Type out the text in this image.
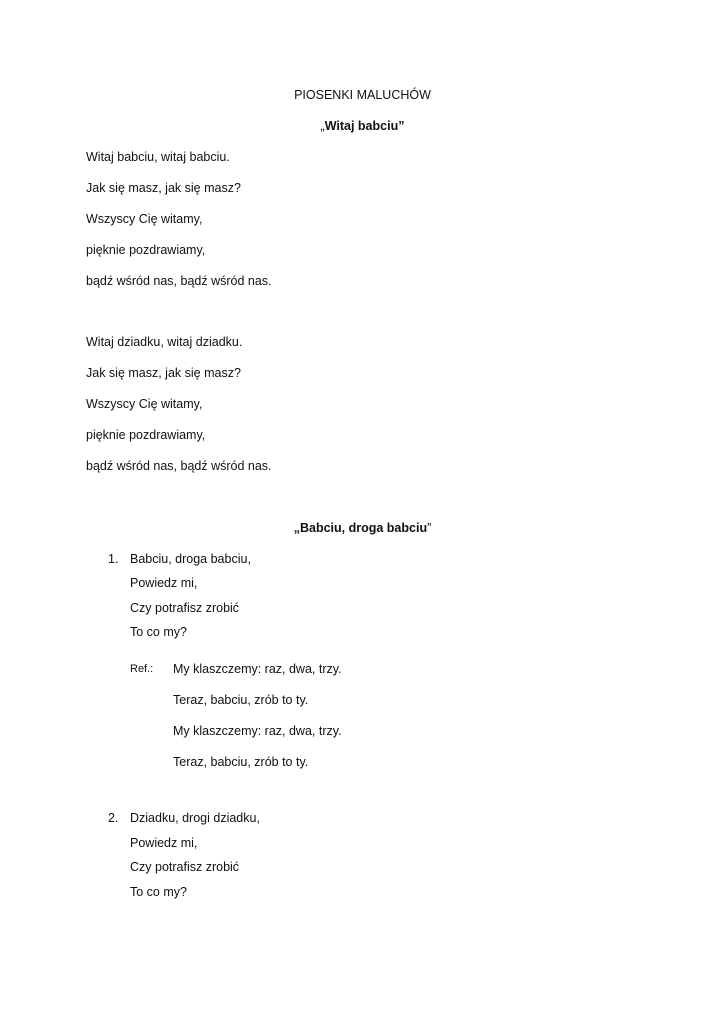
PIOSENKI MALUCHÓW
„Witaj babciu”
Witaj babciu, witaj babciu.
Jak się masz, jak się masz?
Wszyscy Cię witamy,
pięknie pozdrawiamy,
bądź wśród nas, bądź wśród nas.
Witaj dziadku, witaj dziadku.
Jak się masz, jak się masz?
Wszyscy Cię witamy,
pięknie pozdrawiamy,
bądź wśród nas, bądź wśród nas.
„Babciu, droga babciu”
1. Babciu, droga babciu,
Powiedz mi,
Czy potrafisz zrobić
To co my?
Ref.: My klaszczemy: raz, dwa, trzy.
Teraz, babciu, zrób to ty.
My klaszczemy: raz, dwa, trzy.
Teraz, babciu, zrób to ty.
2. Dziadku, drogi dziadku,
Powiedz mi,
Czy potrafisz zrobić
To co my?
